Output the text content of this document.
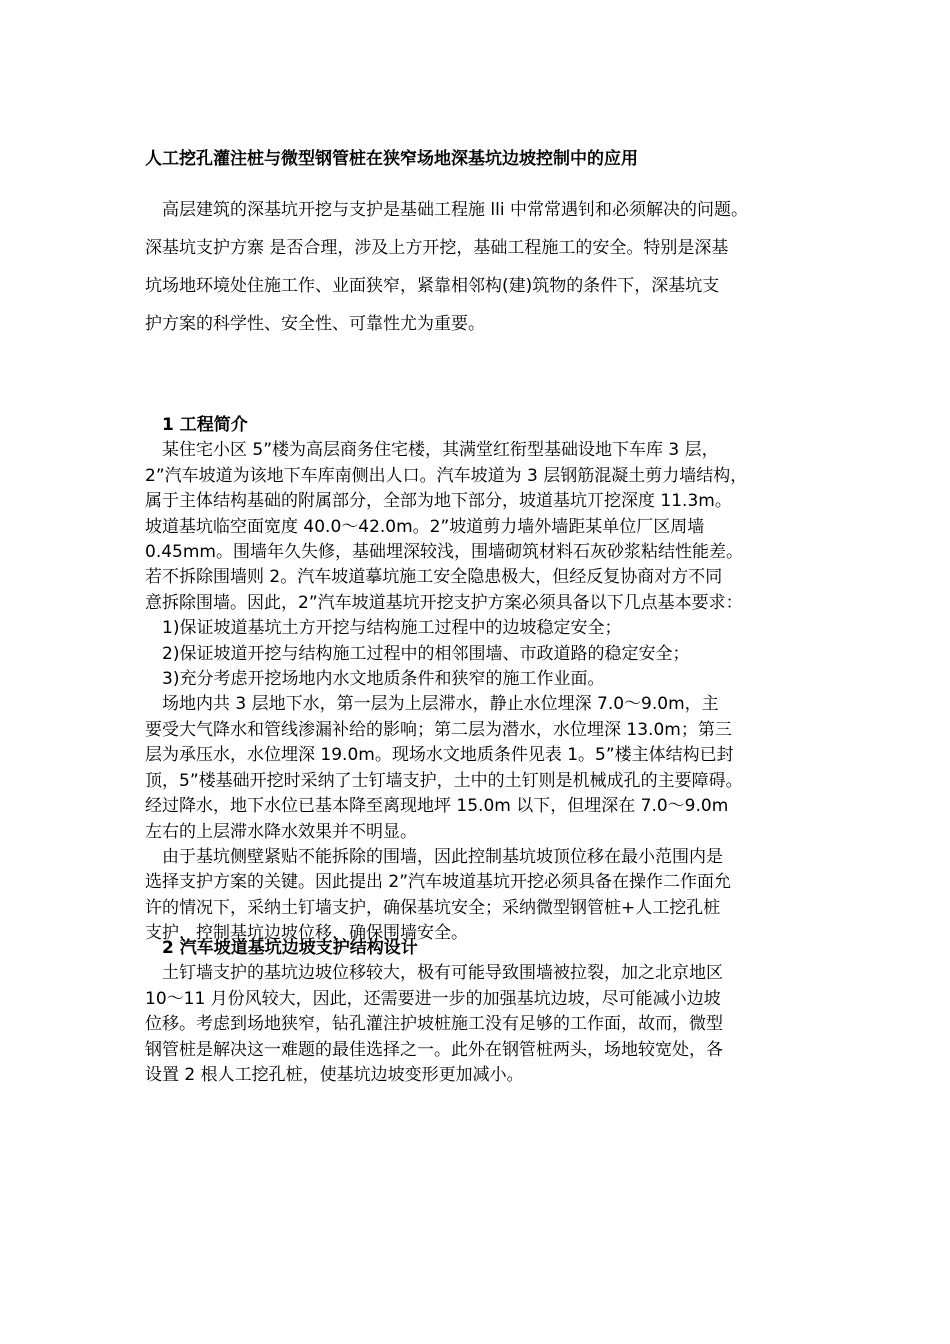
人工挖孔灌注桩与微型钢管桩在狭窄场地深基坑边坡控制中的应用

　高层建筑的深基坑开挖与支护是基础工程施 lli 中常常遇钊和必须解决的问题。

深基坑支护方寨 是否合理，涉及上方开挖，基础工程施工的安全。特别是深基

坑场地环境处住施工作、业面狭窄，紧靠相邻构(建)筑物的条件下，深基坑支

护方案的科学性、安全性、可靠性尤为重要。

　1 工程简介

　某住宅小区 5”楼为高层商务住宅楼，其满堂红衔型基础设地下车库 3 层，

2”汽车坡道为该地下车库南侧出人口。汽车坡道为 3 层钢筋混凝土剪力墙结构，

属于主体结构基础的附属部分，全部为地下部分，坡道基坑丌挖深度 11.3m。

坡道基坑临空面宽度 40.0～42.0m。2”坡道剪力墙外墙距某单位厂区周墙

0.45mm。围墙年久失修，基础埋深较浅，围墙砌筑材料石灰砂浆粘结性能差。

若不拆除围墙则 2。汽车坡道摹坑施工安全隐患极大，但经反复协商对方不同

意拆除围墙。因此，2”汽车坡道基坑开挖支护方案必须具备以下几点基本要求：

　1)保证坡道基坑土方开挖与结构施工过程中的边坡稳定安全；

　2)保证坡道开挖与结构施工过程中的相邻围墙、市政道路的稳定安全；

　3)充分考虑开挖场地内水文地质条件和狭窄的施工作业面。

　场地内共 3 层地下水，第一层为上层滞水，静止水位埋深 7.0～9.0m，主

要受大气降水和管线渗漏补给的影响；第二层为潜水，水位埋深 13.0m；第三

层为承压水，水位埋深 19.0m。现场水文地质条件见表 1。5”楼主体结构已封

顶，5”楼基础开挖时采纳了士钉墙支护，土中的土钉则是机械成孔的主要障碍。

经过降水，地下水位已基本降至离现地坪 15.0m 以下，但埋深在 7.0～9.0m

左右的上层滞水降水效果并不明显。

　由于基坑侧壁紧贴不能拆除的围墙，因此控制基坑坡顶位移在最小范围内是

选择支护方案的关键。因此提出 2”汽车坡道基坑开挖必须具备在操作二作面允

许的情况下，采纳土钉墙支护，确保基坑安全；采纳微型钢管桩+人工挖孔桩

支护，控制基坑边坡位移，确保围墙安全。

　2 汽车坡道基坑边坡支护结构设计

　土钉墙支护的基坑边坡位移较大，极有可能导致围墙被拉裂，加之北京地区

10～11 月份风较大，因此，还需要进一步的加强基坑边坡，尽可能减小边坡

位移。考虑到场地狭窄，钻孔灌注护坡桩施工没有足够的工作面，故而，微型

钢管桩是解决这一难题的最佳选择之一。此外在钢管桩两头，场地较宽处，各

设置 2 根人工挖孔桩，使基坑边坡变形更加减小。
